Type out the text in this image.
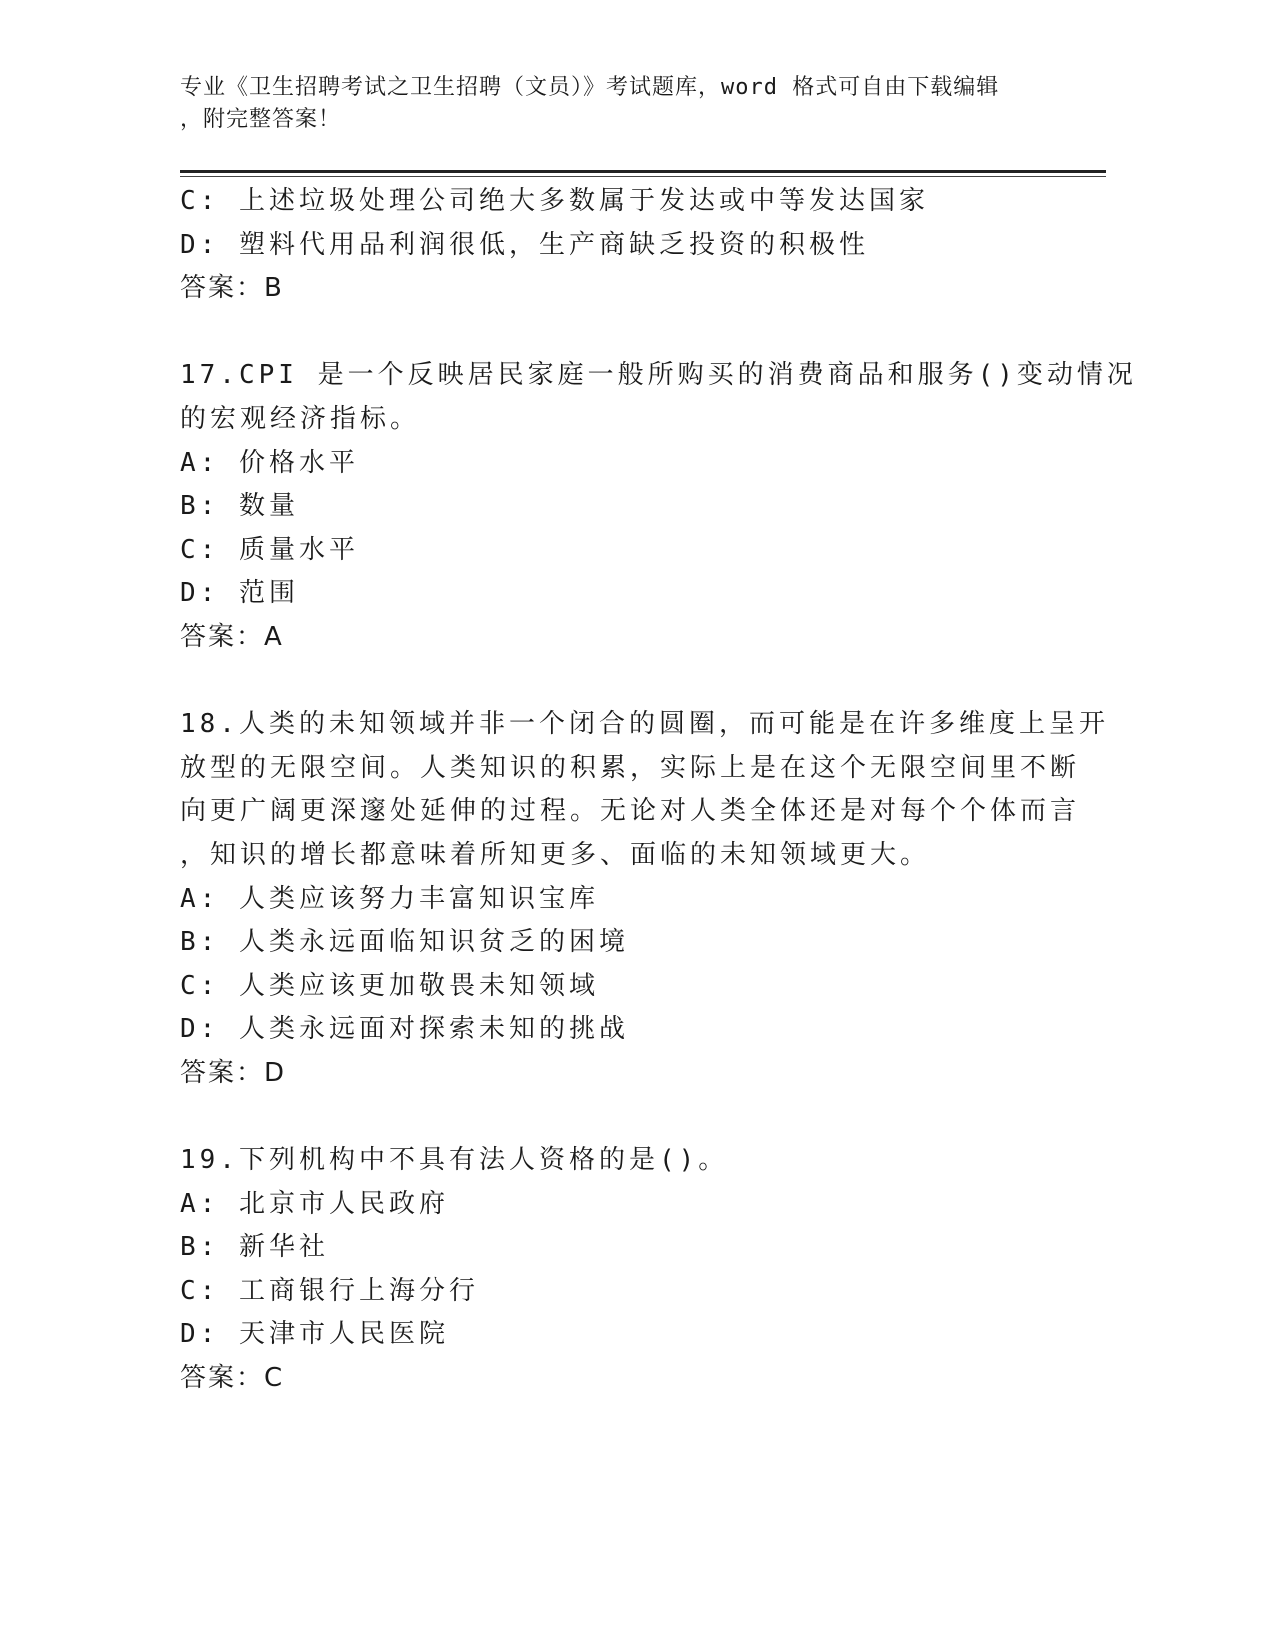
专业《卫生招聘考试之卫生招聘（文员）》考试题库，word 格式可自由下载编辑
，附完整答案！
C: 上述垃圾处理公司绝大多数属于发达或中等发达国家
D: 塑料代用品利润很低，生产商缺乏投资的积极性
答案：B
17.CPI 是一个反映居民家庭一般所购买的消费商品和服务()变动情况
的宏观经济指标。
A: 价格水平
B: 数量
C: 质量水平
D: 范围
答案：A
18.人类的未知领域并非一个闭合的圆圈，而可能是在许多维度上呈开
放型的无限空间。人类知识的积累，实际上是在这个无限空间里不断
向更广阔更深邃处延伸的过程。无论对人类全体还是对每个个体而言
，知识的增长都意味着所知更多、面临的未知领域更大。
A: 人类应该努力丰富知识宝库
B: 人类永远面临知识贫乏的困境
C: 人类应该更加敬畏未知领域
D: 人类永远面对探索未知的挑战
答案：D
19.下列机构中不具有法人资格的是()。
A: 北京市人民政府
B: 新华社
C: 工商银行上海分行
D: 天津市人民医院
答案：C
